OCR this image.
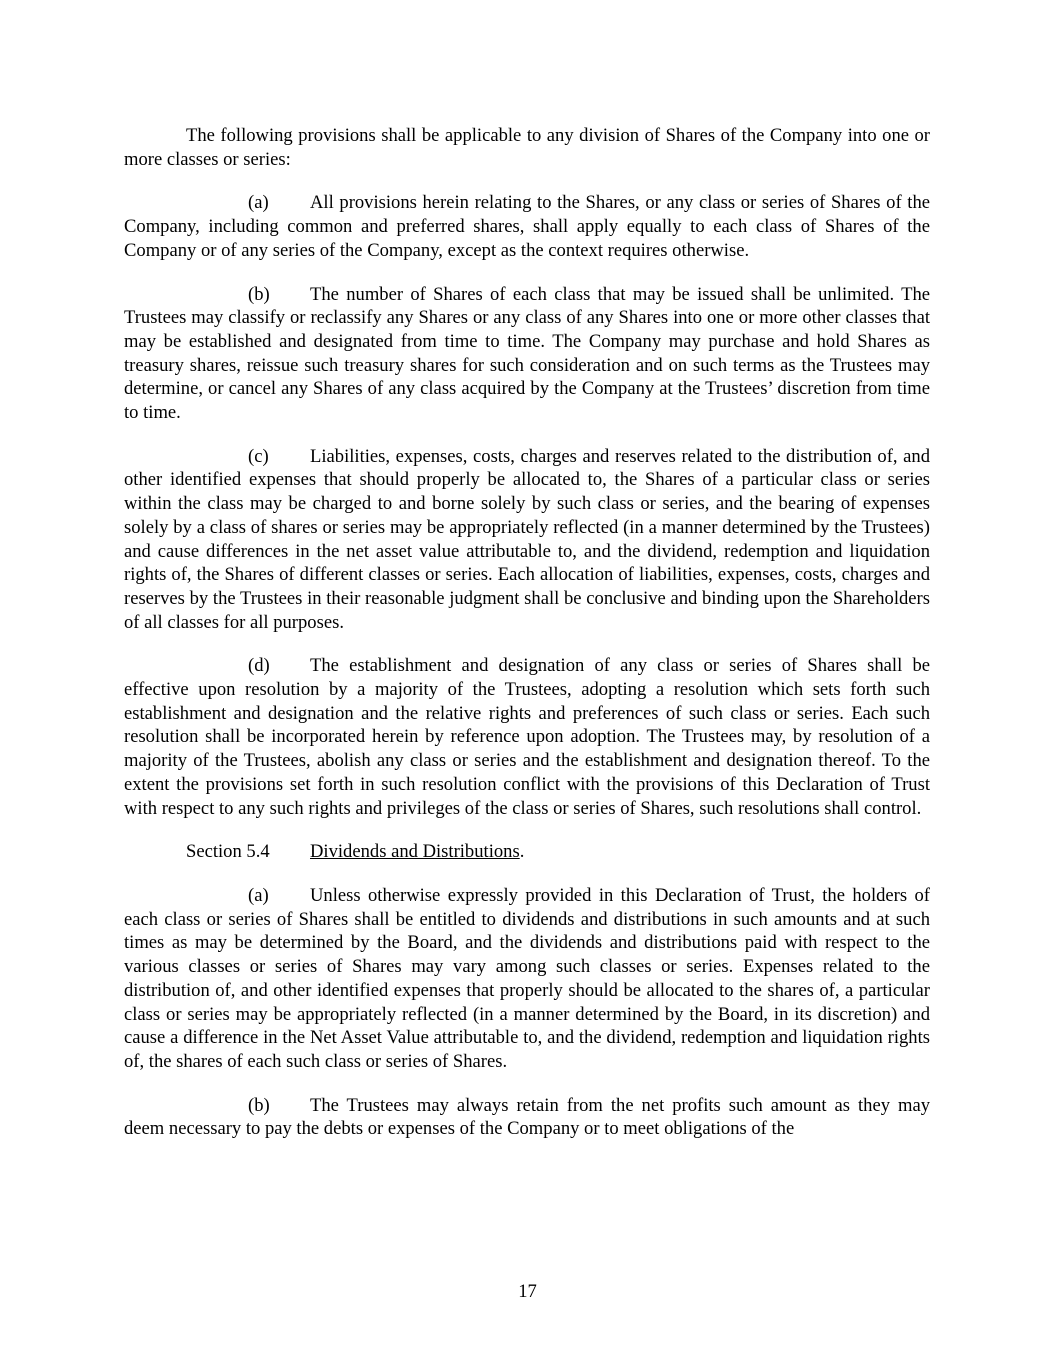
The following provisions shall be applicable to any division of Shares of the Company into one or more classes or series:

(a) All provisions herein relating to the Shares, or any class or series of Shares of the Company, including common and preferred shares, shall apply equally to each class of Shares of the Company or of any series of the Company, except as the context requires otherwise.

(b) The number of Shares of each class that may be issued shall be unlimited. The Trustees may classify or reclassify any Shares or any class of any Shares into one or more other classes that may be established and designated from time to time. The Company may purchase and hold Shares as treasury shares, reissue such treasury shares for such consideration and on such terms as the Trustees may determine, or cancel any Shares of any class acquired by the Company at the Trustees’ discretion from time to time.

(c) Liabilities, expenses, costs, charges and reserves related to the distribution of, and other identified expenses that should properly be allocated to, the Shares of a particular class or series within the class may be charged to and borne solely by such class or series, and the bearing of expenses solely by a class of shares or series may be appropriately reflected (in a manner determined by the Trustees) and cause differences in the net asset value attributable to, and the dividend, redemption and liquidation rights of, the Shares of different classes or series. Each allocation of liabilities, expenses, costs, charges and reserves by the Trustees in their reasonable judgment shall be conclusive and binding upon the Shareholders of all classes for all purposes.

(d) The establishment and designation of any class or series of Shares shall be effective upon resolution by a majority of the Trustees, adopting a resolution which sets forth such establishment and designation and the relative rights and preferences of such class or series. Each such resolution shall be incorporated herein by reference upon adoption. The Trustees may, by resolution of a majority of the Trustees, abolish any class or series and the establishment and designation thereof. To the extent the provisions set forth in such resolution conflict with the provisions of this Declaration of Trust with respect to any such rights and privileges of the class or series of Shares, such resolutions shall control.

Section 5.4 Dividends and Distributions.

(a) Unless otherwise expressly provided in this Declaration of Trust, the holders of each class or series of Shares shall be entitled to dividends and distributions in such amounts and at such times as may be determined by the Board, and the dividends and distributions paid with respect to the various classes or series of Shares may vary among such classes or series. Expenses related to the distribution of, and other identified expenses that properly should be allocated to the shares of, a particular class or series may be appropriately reflected (in a manner determined by the Board, in its discretion) and cause a difference in the Net Asset Value attributable to, and the dividend, redemption and liquidation rights of, the shares of each such class or series of Shares.

(b) The Trustees may always retain from the net profits such amount as they may deem necessary to pay the debts or expenses of the Company or to meet obligations of the

17
